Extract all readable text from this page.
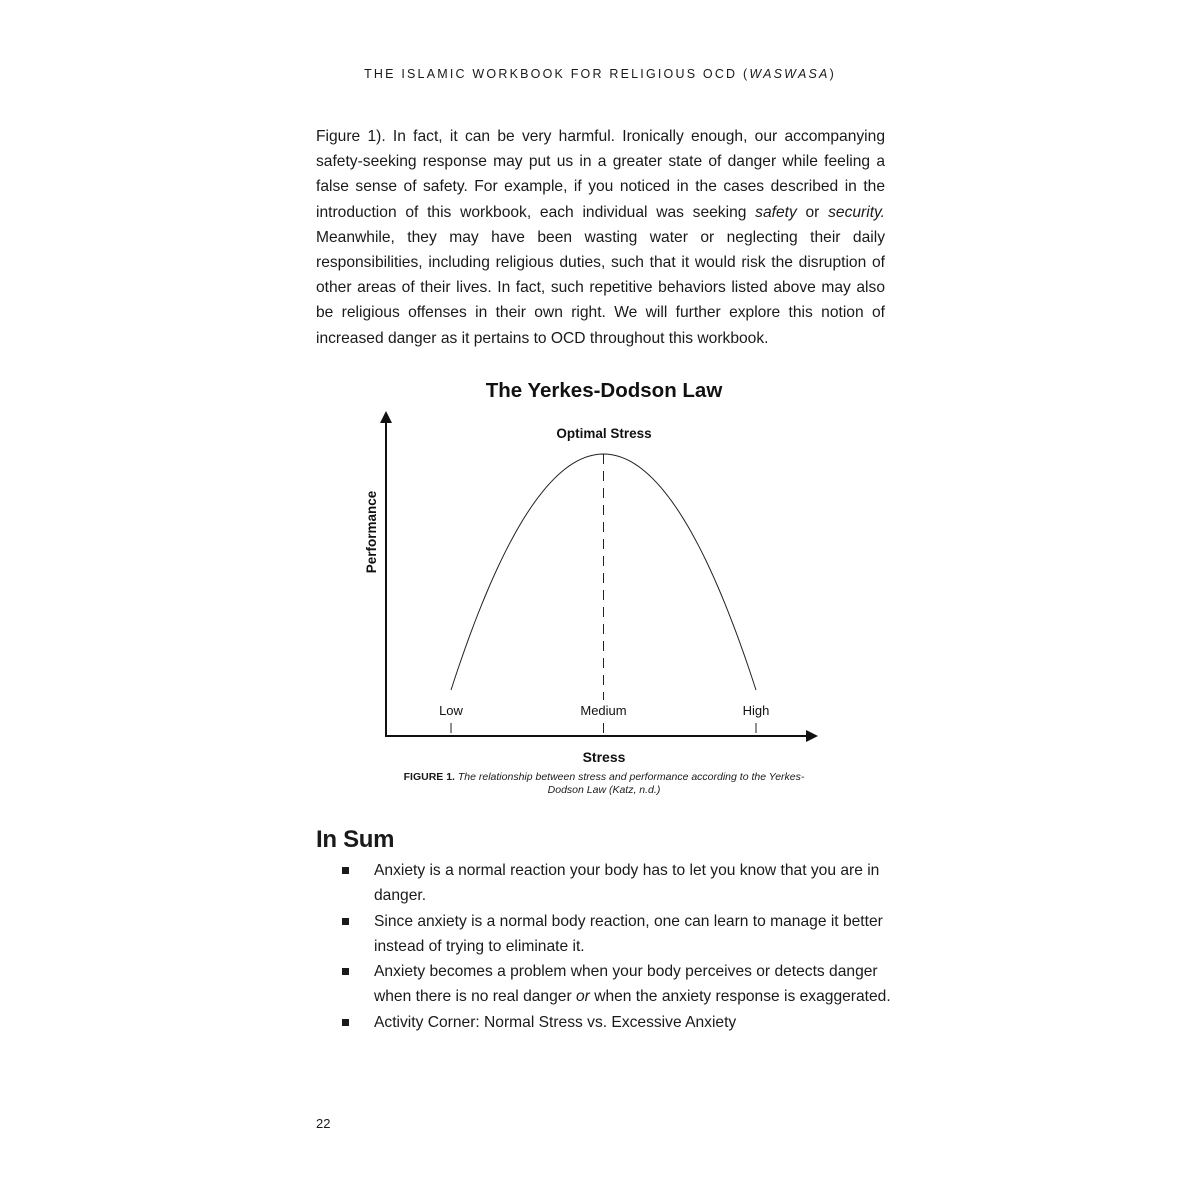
THE ISLAMIC WORKBOOK FOR RELIGIOUS OCD (WASWASA)

Figure 1). In fact, it can be very harmful. Ironically enough, our accompanying safety-seeking response may put us in a greater state of danger while feeling a false sense of safety. For example, if you noticed in the cases described in the introduction of this workbook, each individual was seeking safety or security. Meanwhile, they may have been wasting water or neglecting their daily responsibilities, including religious duties, such that it would risk the disruption of other areas of their lives. In fact, such repetitive behaviors listed above may also be religious offenses in their own right. We will further explore this notion of increased danger as it pertains to OCD throughout this workbook.

The Yerkes-Dodson Law
Performance
Stress
Optimal Stress
Low	Medium	High
FIGURE 1. The relationship between stress and performance according to the Yerkes-Dodson Law (Katz, n.d.)
In Sum
Anxiety is a normal reaction your body has to let you know that you are in danger.
Since anxiety is a normal body reaction, one can learn to manage it better instead of trying to eliminate it.
Anxiety becomes a problem when your body perceives or detects danger when there is no real danger or when the anxiety response is exaggerated.
Activity Corner: Normal Stress vs. Excessive Anxiety
22
